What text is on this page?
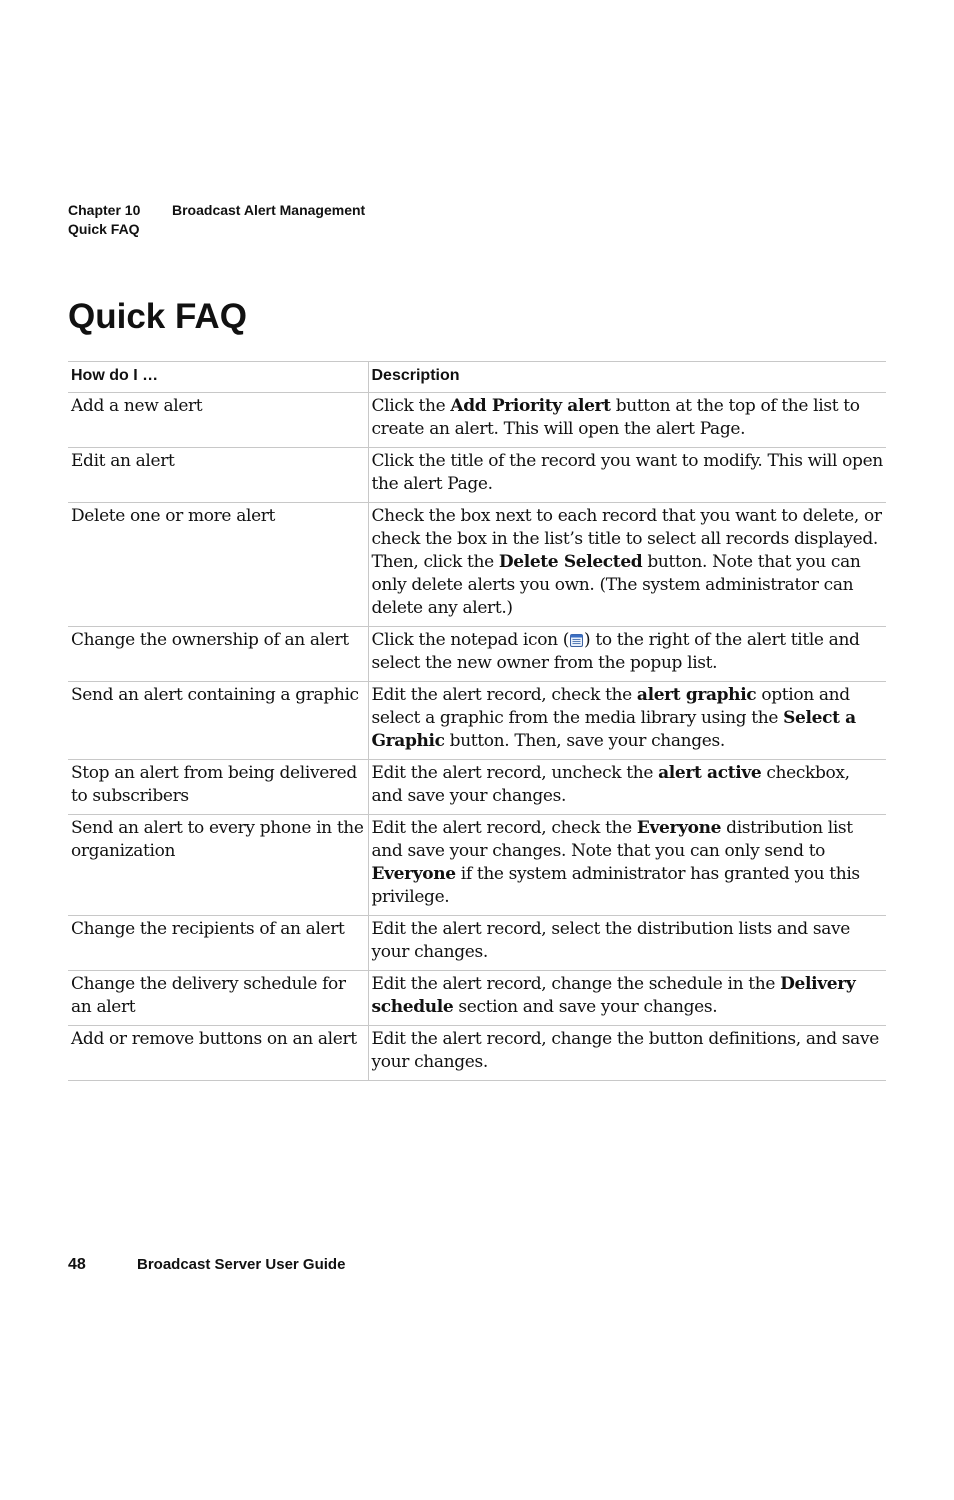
Chapter 10	Broadcast Alert Management
Quick FAQ
Quick FAQ
How do I …	Description
Add a new alert	Click the Add Priority alert button at the top of the list to create an alert. This will open the alert Page.
Edit an alert	Click the title of the record you want to modify. This will open the alert Page.
Delete one or more alert	Check the box next to each record that you want to delete, or check the box in the list’s title to select all records displayed. Then, click the Delete Selected button. Note that you can only delete alerts you own. (The system administrator can delete any alert.)
Change the ownership of an alert	Click the notepad icon ( ) to the right of the alert title and select the new owner from the popup list.
Send an alert containing a graphic	Edit the alert record, check the alert graphic option and select a graphic from the media library using the Select a Graphic button. Then, save your changes.
Stop an alert from being delivered to subscribers	Edit the alert record, uncheck the alert active checkbox, and save your changes.
Send an alert to every phone in the organization	Edit the alert record, check the Everyone distribution list and save your changes. Note that you can only send to Everyone if the system administrator has granted you this privilege.
Change the recipients of an alert	Edit the alert record, select the distribution lists and save your changes.
Change the delivery schedule for an alert	Edit the alert record, change the schedule in the Delivery schedule section and save your changes.
Add or remove buttons on an alert	Edit the alert record, change the button definitions, and save your changes.
48	Broadcast Server User Guide
